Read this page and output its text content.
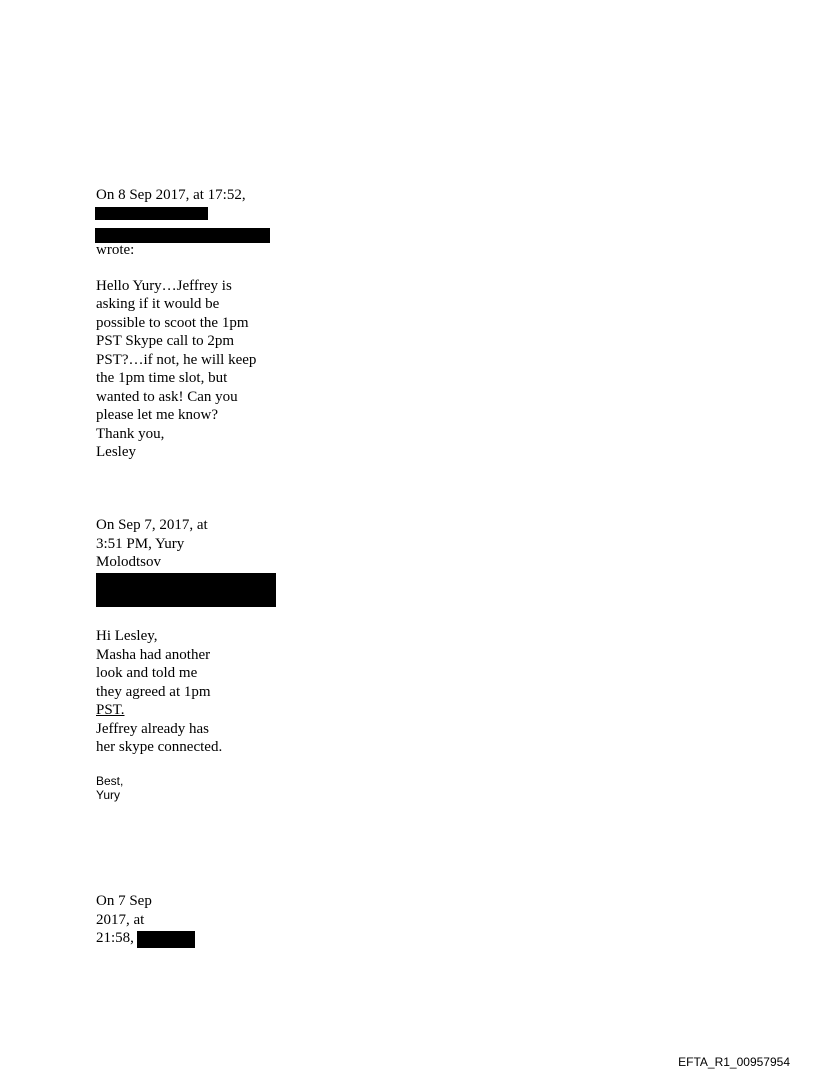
On 8 Sep 2017, at 17:52,
wrote:
Hello Yury…Jeffrey is
asking if it would be
possible to scoot the 1pm
PST Skype call to 2pm
PST?…if not, he will keep
the 1pm time slot, but
wanted to ask! Can you
please let me know?
Thank you,
Lesley
On Sep 7, 2017, at
3:51 PM, Yury
Molodtsov
Hi Lesley,
Masha had another
look and told me
they agreed at 1pm
PST.
Jeffrey already has
her skype connected.
Best,
Yury
On 7 Sep
2017, at
21:58,
EFTA_R1_00957954
